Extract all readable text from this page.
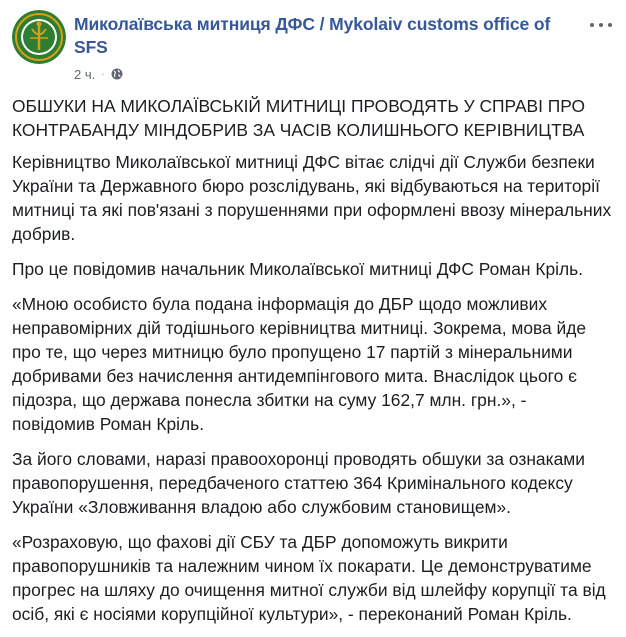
Миколаївська митниця ДФС / Mykolaiv customs office of SFS
2 ч. ·

ОБШУКИ НА МИКОЛАЇВСЬКІЙ МИТНИЦІ ПРОВОДЯТЬ У СПРАВІ ПРО КОНТРАБАНДУ МІНДОБРИВ ЗА ЧАСІВ КОЛИШНЬОГО КЕРІВНИЦТВА

Керівництво Миколаївської митниці ДФС вітає слідчі дії Служби безпеки України та Державного бюро розслідувань, які відбуваються на території митниці та які пов'язані з порушеннями при оформлені ввозу мінеральних добрив.

Про це повідомив начальник Миколаївської митниці ДФС Роман Кріль.

«Мною особисто була подана інформація до ДБР щодо можливих неправомірних дій тодішнього керівництва митниці. Зокрема, мова йде про те, що через митницю було пропущено 17 партій з мінеральними добривами без начислення антидемпінгового мита. Внаслідок цього є підозра, що держава понесла збитки на суму 162,7 млн. грн.», - повідомив Роман Кріль.

За його словами, наразі правоохоронці проводять обшуки за ознаками правопорушення, передбаченого статтею 364 Кримінального кодексу України «Зловживання владою або службовим становищем».

«Розраховую, що фахові дії СБУ та ДБР допоможуть викрити правопорушників та належним чином їх покарати. Це демонструватиме прогрес на шляху до очищення митної служби від шлейфу корупції та від осіб, які є носіями корупційної культури», - переконаний Роман Кріль.
